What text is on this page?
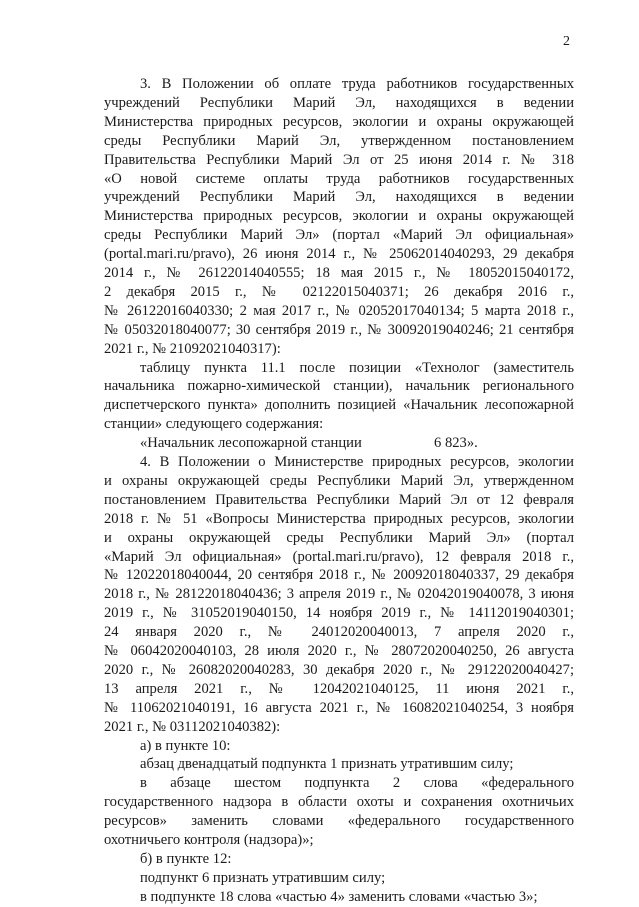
2
3. В Положении об оплате труда работников государственных
учреждений Республики Марий Эл, находящихся в ведении
Министерства природных ресурсов, экологии и охраны окружающей
среды Республики Марий Эл, утвержденном постановлением
Правительства Республики Марий Эл от 25 июня 2014 г. № 318
«О новой системе оплаты труда работников государственных
учреждений Республики Марий Эл, находящихся в ведении
Министерства природных ресурсов, экологии и охраны окружающей
среды Республики Марий Эл» (портал «Марий Эл официальная»
(portal.mari.ru/pravo), 26 июня 2014 г., № 25062014040293, 29 декабря
2014 г., № 26122014040555; 18 мая 2015 г., № 18052015040172,
2 декабря 2015 г., № 02122015040371; 26 декабря 2016 г.,
№ 26122016040330; 2 мая 2017 г., № 02052017040134; 5 марта 2018 г.,
№ 05032018040077; 30 сентября 2019 г., № 30092019040246; 21 сентября
2021 г., № 21092021040317):
таблицу пункта 11.1 после позиции «Технолог (заместитель
начальника пожарно-химической станции), начальник регионального
диспетчерского пункта» дополнить позицией «Начальник лесопожарной
станции» следующего содержания:
«Начальник лесопожарной станции	6 823».
4. В Положении о Министерстве природных ресурсов, экологии
и охраны окружающей среды Республики Марий Эл, утвержденном
постановлением Правительства Республики Марий Эл от 12 февраля
2018 г. № 51 «Вопросы Министерства природных ресурсов, экологии
и охраны окружающей среды Республики Марий Эл» (портал
«Марий Эл официальная» (portal.mari.ru/pravo), 12 февраля 2018 г.,
№ 12022018040044, 20 сентября 2018 г., № 20092018040337, 29 декабря
2018 г., № 28122018040436; 3 апреля 2019 г., № 02042019040078, 3 июня
2019 г., № 31052019040150, 14 ноября 2019 г., № 14112019040301;
24 января 2020 г., № 24012020040013, 7 апреля 2020 г.,
№ 06042020040103, 28 июля 2020 г., № 28072020040250, 26 августа
2020 г., № 26082020040283, 30 декабря 2020 г., № 29122020040427;
13 апреля 2021 г., № 12042021040125, 11 июня 2021 г.,
№ 11062021040191, 16 августа 2021 г., № 16082021040254, 3 ноября
2021 г., № 03112021040382):
а) в пункте 10:
абзац двенадцатый подпункта 1 признать утратившим силу;
в абзаце шестом подпункта 2 слова «федерального
государственного надзора в области охоты и сохранения охотничьих
ресурсов» заменить словами «федерального государственного
охотничьего контроля (надзора)»;
б) в пункте 12:
подпункт 6 признать утратившим силу;
в подпункте 18 слова «частью 4» заменить словами «частью 3»;
